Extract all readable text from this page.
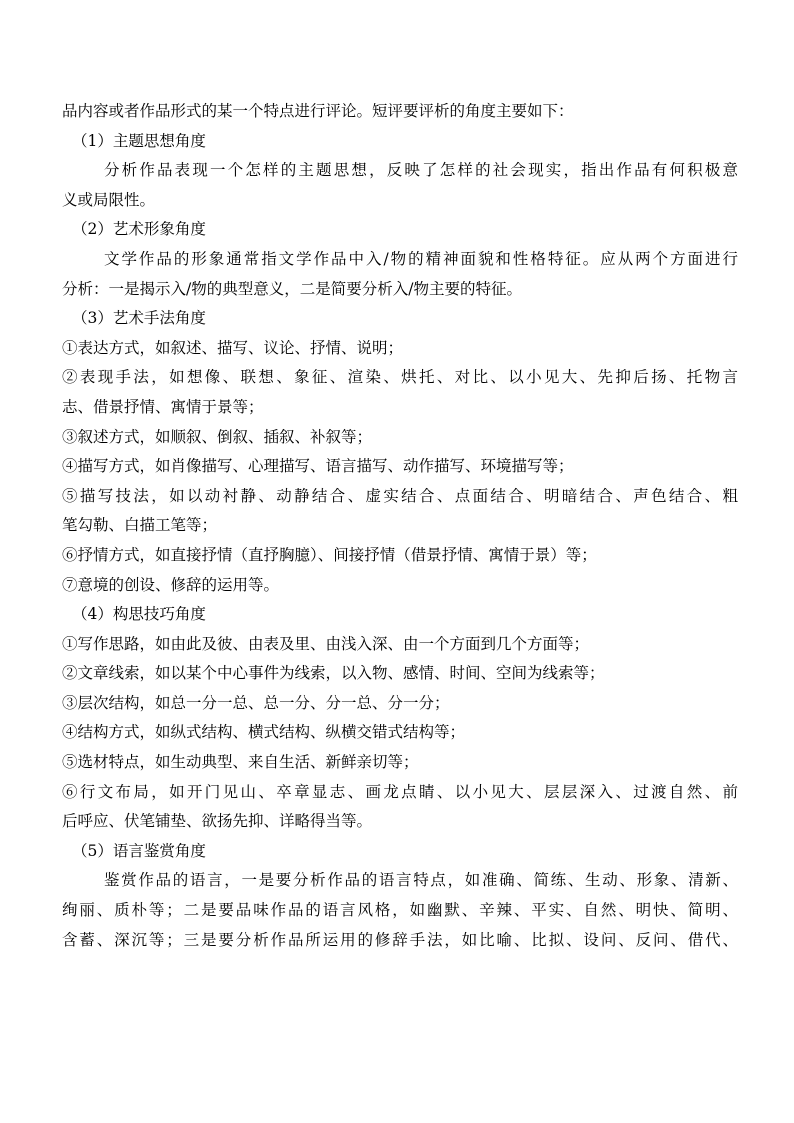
品内容或者作品形式的某一个特点进行评论。短评要评析的角度主要如下：
（1）主题思想角度
分析作品表现一个怎样的主题思想，反映了怎样的社会现实，指出作品有何积极意
义或局限性。
（2）艺术形象角度
文学作品的形象通常指文学作品中入/物的精神面貌和性格特征。应从两个方面进行
分析：一是揭示入/物的典型意义，二是简要分析入/物主要的特征。
（3）艺术手法角度
①表达方式，如叙述、描写、议论、抒情、说明；
②表现手法，如想像、联想、象征、渲染、烘托、对比、以小见大、先抑后扬、托物言
志、借景抒情、寓情于景等；
③叙述方式，如顺叙、倒叙、插叙、补叙等；
④描写方式，如肖像描写、心理描写、语言描写、动作描写、环境描写等；
⑤描写技法，如以动衬静、动静结合、虚实结合、点面结合、明暗结合、声色结合、粗
笔勾勒、白描工笔等；
⑥抒情方式，如直接抒情（直抒胸臆）、间接抒情（借景抒情、寓情于景）等；
⑦意境的创设、修辞的运用等。
（4）构思技巧角度
①写作思路，如由此及彼、由表及里、由浅入深、由一个方面到几个方面等；
②文章线索，如以某个中心事件为线索，以入物、感情、时间、空间为线索等；
③层次结构，如总一分一总、总一分、分一总、分一分；
④结构方式，如纵式结构、横式结构、纵横交错式结构等；
⑤选材特点，如生动典型、来自生活、新鲜亲切等；
⑥行文布局，如开门见山、卒章显志、画龙点睛、以小见大、层层深入、过渡自然、前
后呼应、伏笔铺垫、欲扬先抑、详略得当等。
（5）语言鉴赏角度
鉴赏作品的语言，一是要分析作品的语言特点，如准确、简练、生动、形象、清新、
绚丽、质朴等；二是要品味作品的语言风格，如幽默、辛辣、平实、自然、明快、简明、
含蓄、深沉等；三是要分析作品所运用的修辞手法，如比喻、比拟、设问、反问、借代、
